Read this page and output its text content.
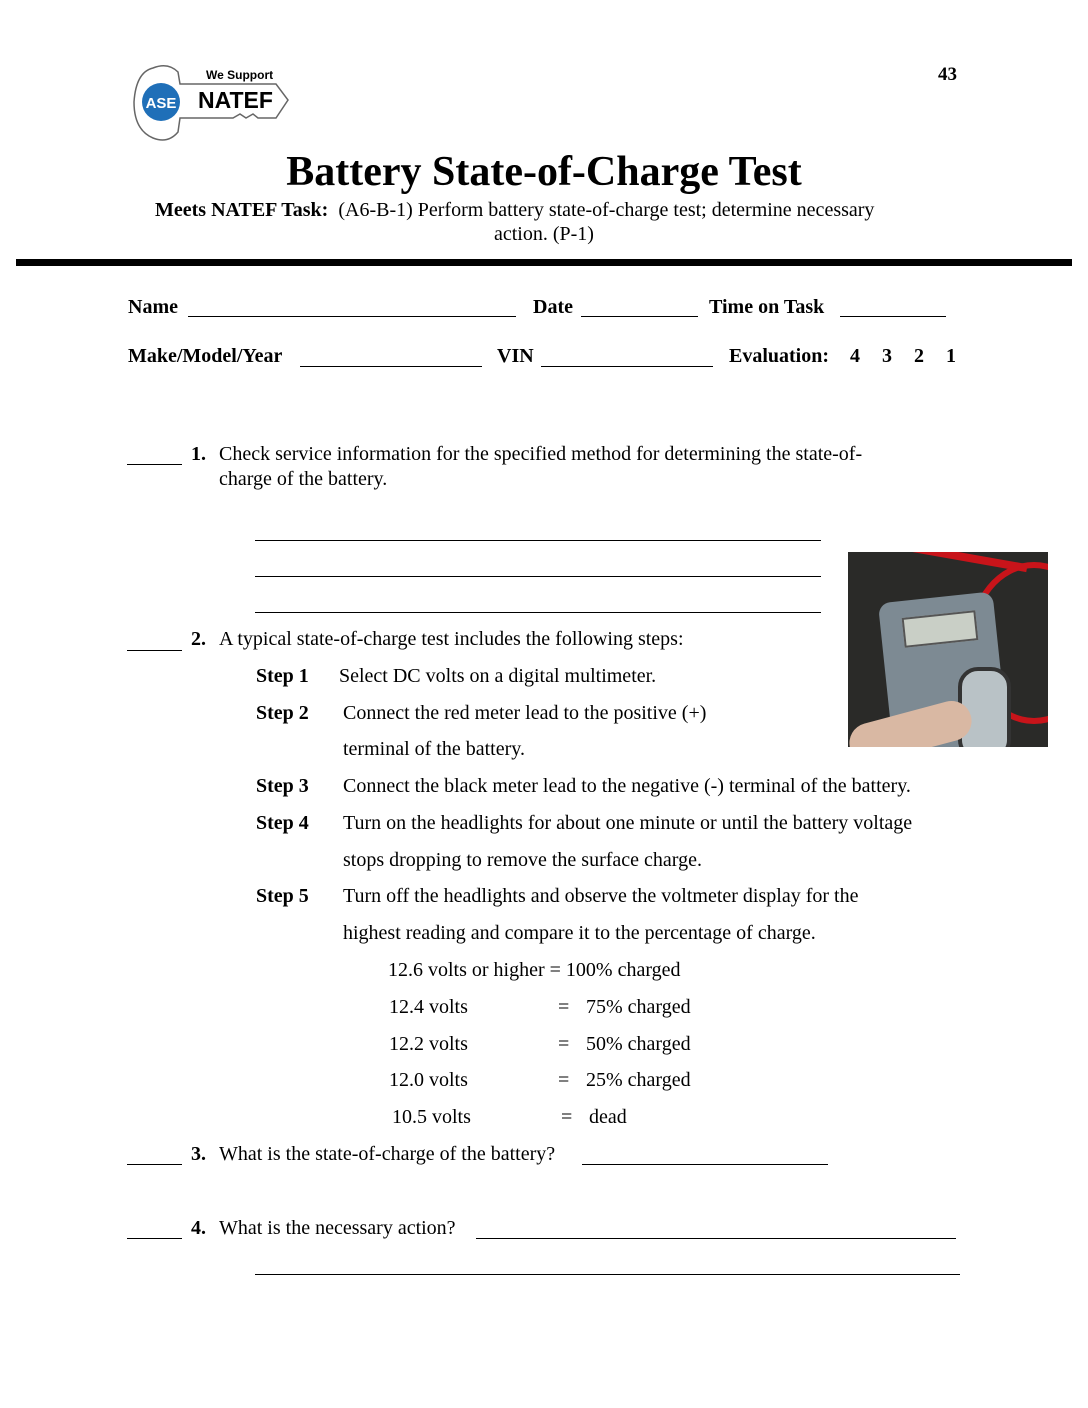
43
ASE
We Support
NATEF
Battery State-of-Charge Test
Meets NATEF Task: (A6-B-1) Perform battery state-of-charge test; determine necessary
action. (P-1)
Name	Date	Time on Task
Make/Model/Year	VIN	Evaluation: 4 3 2 1
1. Check service information for the specified method for determining the state-of-
charge of the battery.
2. A typical state-of-charge test includes the following steps:
Step 1 Select DC volts on a digital multimeter.
Step 2 Connect the red meter lead to the positive (+)
terminal of the battery.
Step 3 Connect the black meter lead to the negative (-) terminal of the battery.
Step 4 Turn on the headlights for about one minute or until the battery voltage
stops dropping to remove the surface charge.
Step 5 Turn off the headlights and observe the voltmeter display for the
highest reading and compare it to the percentage of charge.
12.6 volts or higher = 100% charged
12.4 volts	= 75% charged
12.2 volts	= 50% charged
12.0 volts	= 25% charged
10.5 volts	= dead
3. What is the state-of-charge of the battery?
4. What is the necessary action?
